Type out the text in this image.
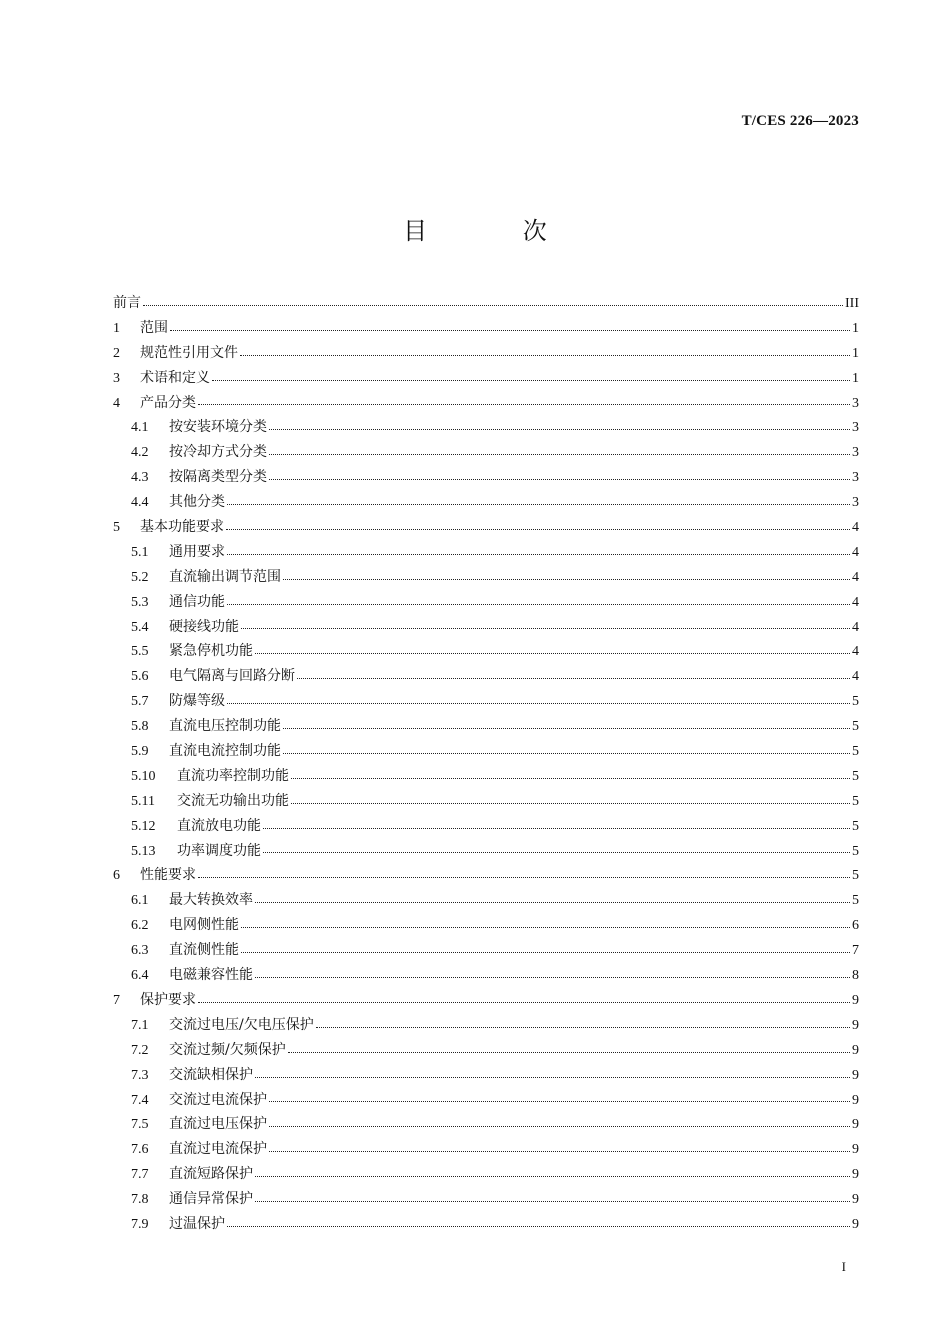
T/CES 226—2023
目 次
前言	III
1	范围	1
2	规范性引用文件	1
3	术语和定义	1
4	产品分类	3
4.1	按安装环境分类	3
4.2	按冷却方式分类	3
4.3	按隔离类型分类	3
4.4	其他分类	3
5	基本功能要求	4
5.1	通用要求	4
5.2	直流输出调节范围	4
5.3	通信功能	4
5.4	硬接线功能	4
5.5	紧急停机功能	4
5.6	电气隔离与回路分断	4
5.7	防爆等级	5
5.8	直流电压控制功能	5
5.9	直流电流控制功能	5
5.10	直流功率控制功能	5
5.11	交流无功输出功能	5
5.12	直流放电功能	5
5.13	功率调度功能	5
6	性能要求	5
6.1	最大转换效率	5
6.2	电网侧性能	6
6.3	直流侧性能	7
6.4	电磁兼容性能	8
7	保护要求	9
7.1	交流过电压/欠电压保护	9
7.2	交流过频/欠频保护	9
7.3	交流缺相保护	9
7.4	交流过电流保护	9
7.5	直流过电压保护	9
7.6	直流过电流保护	9
7.7	直流短路保护	9
7.8	通信异常保护	9
7.9	过温保护	9
I
